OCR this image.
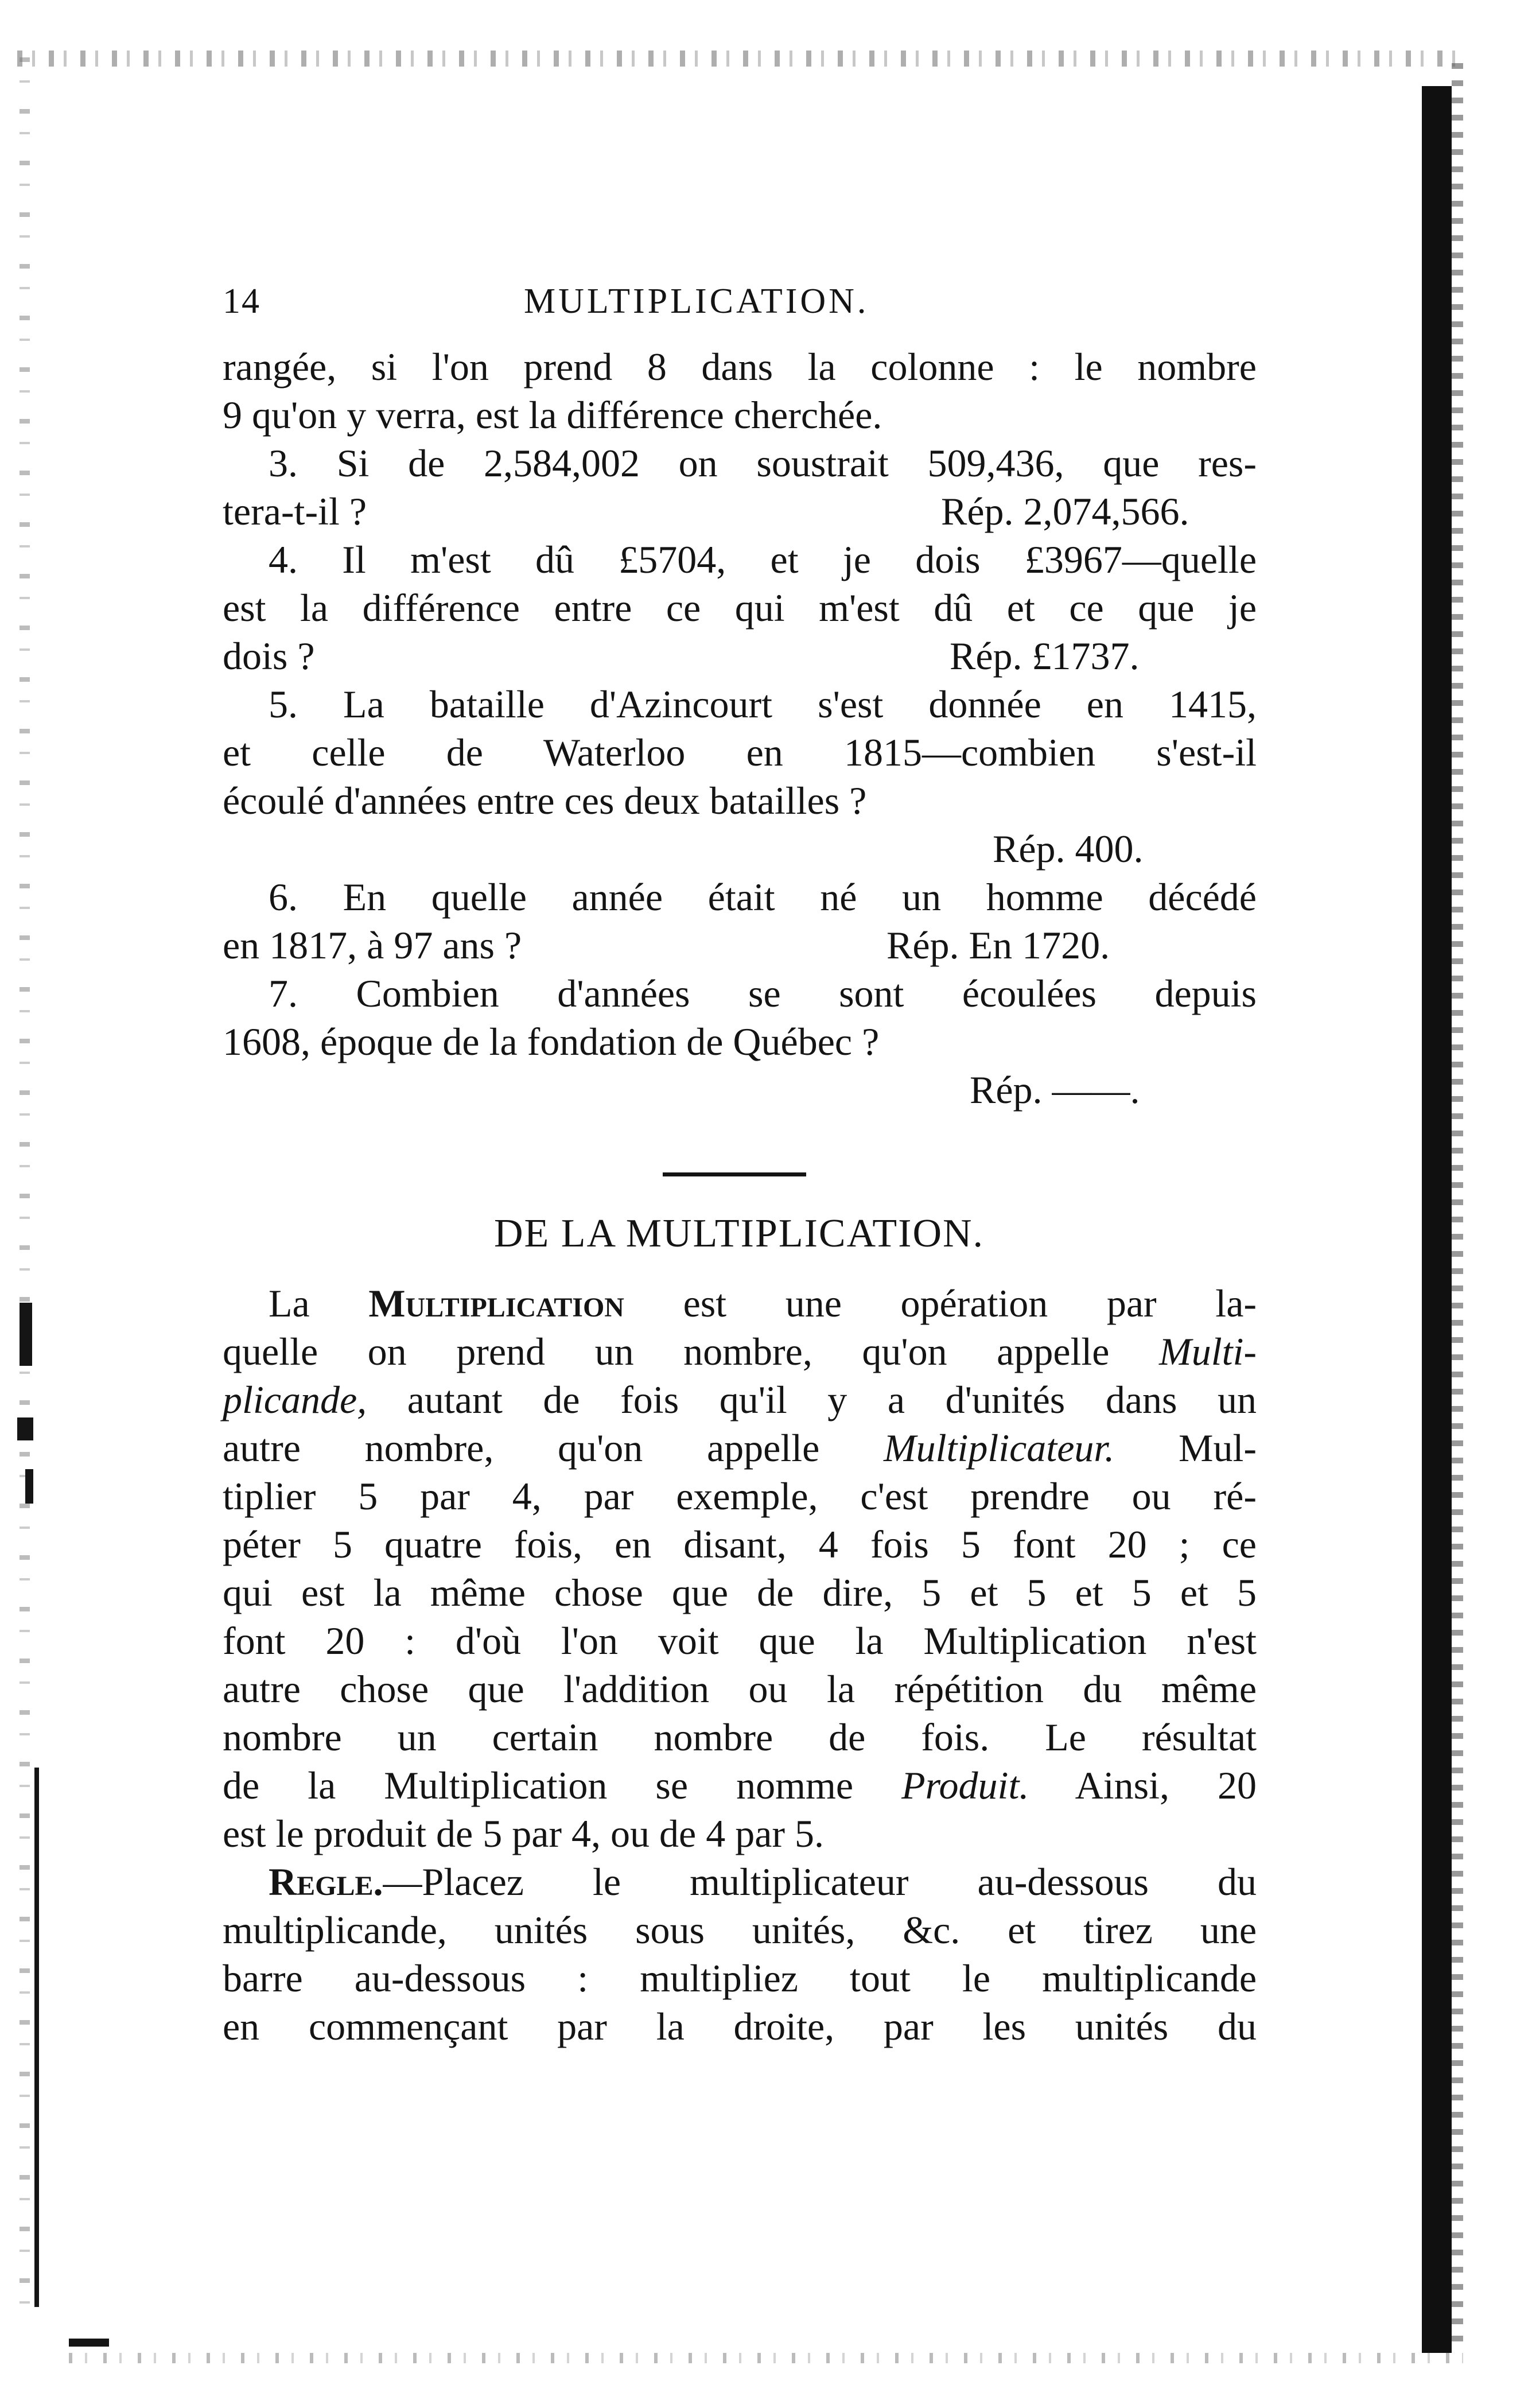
14	MULTIPLICATION.
rangée, si l'on prend 8 dans la colonne : le nombre
9 qu'on y verra, est la différence cherchée.
3. Si de 2,584,002 on soustrait 509,436, que res-
tera-t-il ?	Rép. 2,074,566.
4. Il m'est dû £5704, et je dois £3967—quelle
est la différence entre ce qui m'est dû et ce que je
dois ?	Rép. £1737.
5. La bataille d'Azincourt s'est donnée en 1415,
et celle de Waterloo en 1815—combien s'est-il
écoulé d'années entre ces deux batailles ?
Rép. 400.
6. En quelle année était né un homme décédé
en 1817, à 97 ans ?	Rép. En 1720.
7. Combien d'années se sont écoulées depuis
1608, époque de la fondation de Québec ?
Rép. ——.
DE LA MULTIPLICATION.
La Multiplication est une opération par la-
quelle on prend un nombre, qu'on appelle Multi-
plicande, autant de fois qu'il y a d'unités dans un
autre nombre, qu'on appelle Multiplicateur. Mul-
tiplier 5 par 4, par exemple, c'est prendre ou ré-
péter 5 quatre fois, en disant, 4 fois 5 font 20 ; ce
qui est la même chose que de dire, 5 et 5 et 5 et 5
font 20 : d'où l'on voit que la Multiplication n'est
autre chose que l'addition ou la répétition du même
nombre un certain nombre de fois. Le résultat
de la Multiplication se nomme Produit. Ainsi, 20
est le produit de 5 par 4, ou de 4 par 5.
Regle.—Placez le multiplicateur au-dessous du
multiplicande, unités sous unités, &c. et tirez une
barre au-dessous : multipliez tout le multiplicande
en commençant par la droite, par les unités du
